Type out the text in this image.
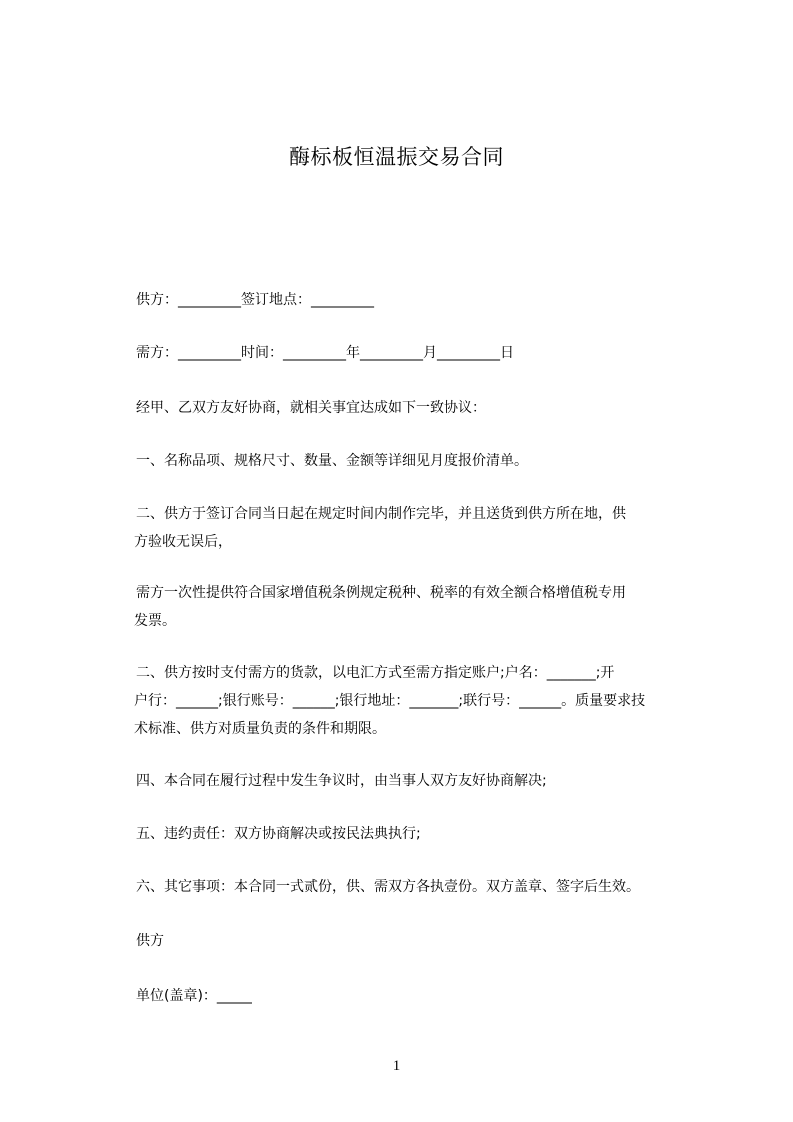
酶标板恒温振交易合同
供方：_________签订地点：_________
需方：_________时间：_________年_________月_________日
经甲、乙双方友好协商，就相关事宜达成如下一致协议：
一、名称品项、规格尺寸、数量、金额等详细见月度报价清单。
二、供方于签订合同当日起在规定时间内制作完毕，并且送货到供方所在地，供
方验收无误后，
需方一次性提供符合国家增值税条例规定税种、税率的有效全额合格增值税专用
发票。
二、供方按时支付需方的货款，以电汇方式至需方指定账户;户名：_______;开
户行：______;银行账号：______;银行地址：_______;联行号：______。质量要求技
术标准、供方对质量负责的条件和期限。
四、本合同在履行过程中发生争议时，由当事人双方友好协商解决;
五、违约责任：双方协商解决或按民法典执行;
六、其它事项：本合同一式贰份，供、需双方各执壹份。双方盖章、签字后生效。
供方
单位(盖章)：_____
1
